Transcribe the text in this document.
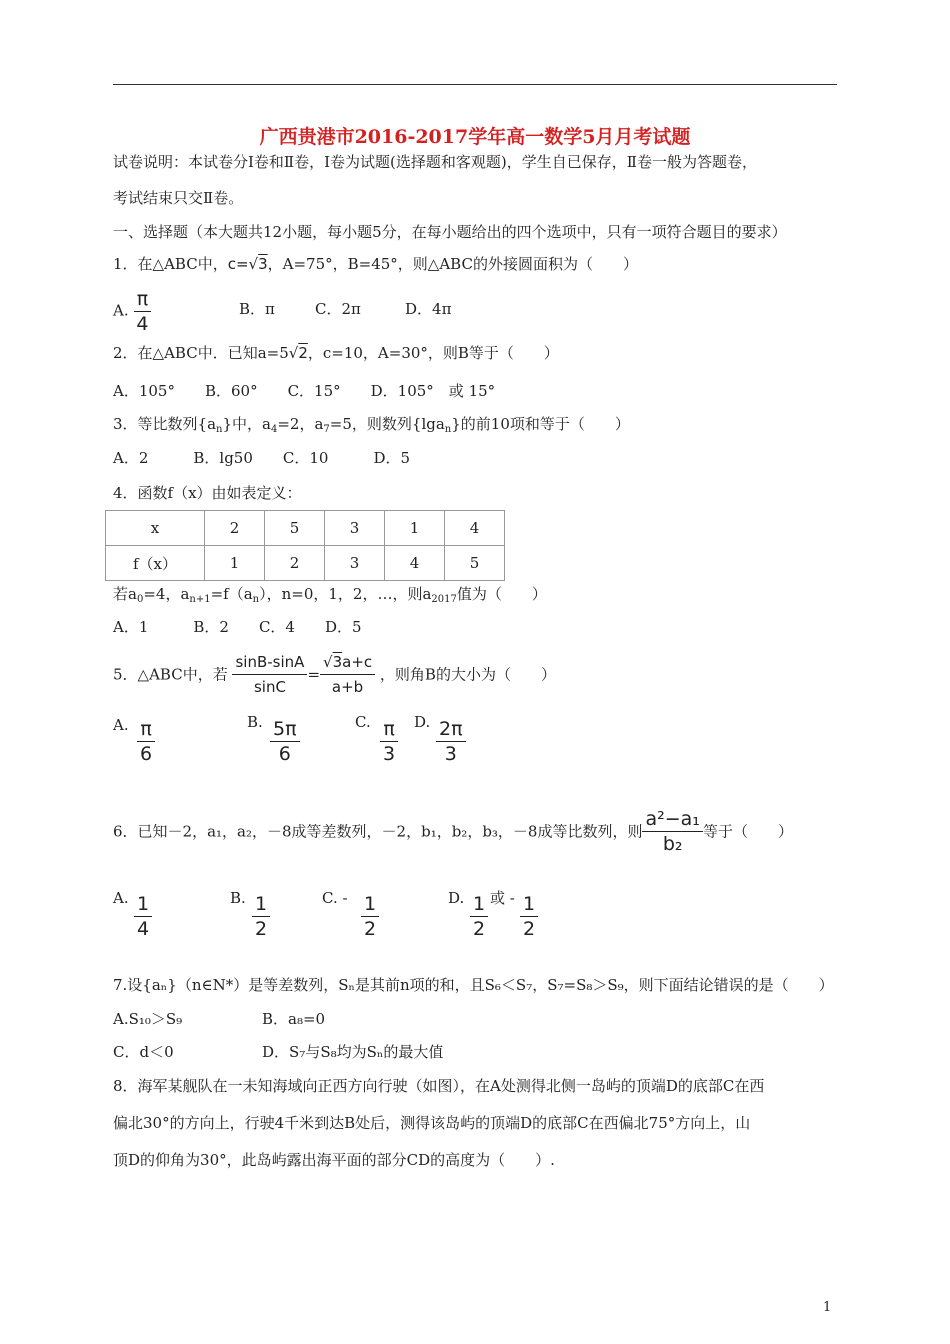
广西贵港市2016-2017学年高一数学5月月考试题
试卷说明：本试卷分Ⅰ卷和Ⅱ卷，Ⅰ卷为试题(选择题和客观题)，学生自已保存，Ⅱ卷一般为答题卷，
考试结束只交Ⅱ卷。
一、选择题（本大题共12小题，每小题5分，在每小题给出的四个选项中，只有一项符合题目的要求）
1．在△ABC中，c=√3，A=75°，B=45°，则△ABC的外接圆面积为（　　）
A. $\frac{\pi}{4}$	B．π	C．2π	D．4π
2．在△ABC中．已知a=5√2，c=10，A=30°，则B等于（　　）
A．105°　　B．60°　　C．15°　　D．105°　或 15°
3．等比数列$\{a_n\}$中，$a_4=2$，$a_7=5$，则数列{lga$_n$}的前10项和等于（　　）
A．2　　　B．lg50　　C．10　　　D．5
4．函数f（x）由如表定义：
x	2	5	3	1	4
f（x）	1	2	3	4	5
若$a_0=4$，$a_{n+1}=f(a_n)$，n=0，1，2，…，则$a_{2017}$值为（　　）
A．1　　　B．2　　C．4　　D．5
5．△ABC中，若 $\frac{\sin B-\sin A}{\sin C} = \frac{√3a+c}{a+b}$ ，则角B的大小为（　　）
A. $\frac{\pi}{6}$	B. $\frac{5\pi}{6}$	C. $\frac{\pi}{3} D$. $\frac{2\pi}{3}$
6．已知－2，a₁，a₂，－8成等差数列，－2，b₁，b₂，b₃，－8成等比数列，则 $\frac{\text{a²−a₁}}{\text{b₂}}$ 等于（　　）
A. $\frac{1}{4}$	B. $\frac{1}{2}$	C. - $\frac{1}{2}$	D. $\frac{1}{2}$ 或 - $\frac{1}{2}$
7.设{aₙ}（n∈N*）是等差数列，Sₙ是其前n项的和，且S₆＜S₇，S₇=S₈＞S₉，则下面结论错误的是（　　）
A.S₁₀＞S₉	B．a₈=0
C．d＜0	D．S₇与S₈均为Sₙ的最大值
8．海军某舰队在一未知海域向正西方向行驶（如图），在A处测得北侧一岛屿的顶端D的底部C在西
偏北30°的方向上，行驶4千米到达B处后，测得该岛屿的顶端D的底部C在西偏北75°方向上，山
顶D的仰角为30°，此岛屿露出海平面的部分CD的高度为（　　）.
1
